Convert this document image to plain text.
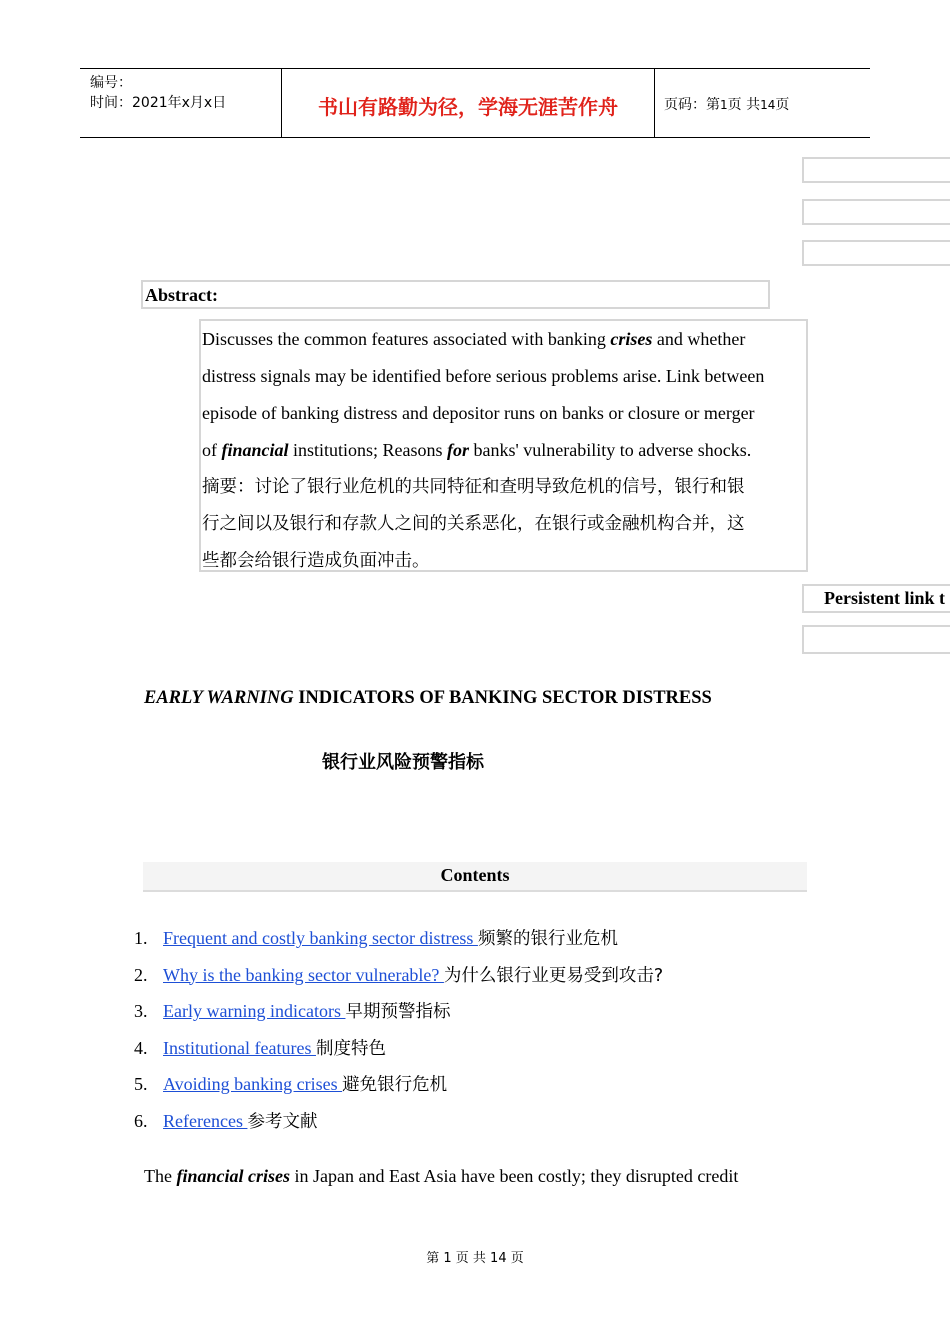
编号：
时间：2021年x月x日	书山有路勤为径，学海无涯苦作舟	页码：第1页 共14页
Persistent link t
Abstract:
Discusses the common features associated with banking crises and whether
distress signals may be identified before serious problems arise. Link between
episode of banking distress and depositor runs on banks or closure or merger
of financial institutions; Reasons for banks' vulnerability to adverse shocks.
摘要：讨论了银行业危机的共同特征和查明导致危机的信号，银行和银
行之间以及银行和存款人之间的关系恶化，在银行或金融机构合并，这
些都会给银行造成负面冲击。
EARLY WARNING INDICATORS OF BANKING SECTOR DISTRESS
银行业风险预警指标
Contents
1. Frequent and costly banking sector distress 频繁的银行业危机
2. Why is the banking sector vulnerable? 为什么银行业更易受到攻击?
3. Early warning indicators 早期预警指标
4. Institutional features 制度特色
5. Avoiding banking crises 避免银行危机
6. References 参考文献
The financial crises in Japan and East Asia have been costly; they disrupted credit
第 1 页 共 14 页
